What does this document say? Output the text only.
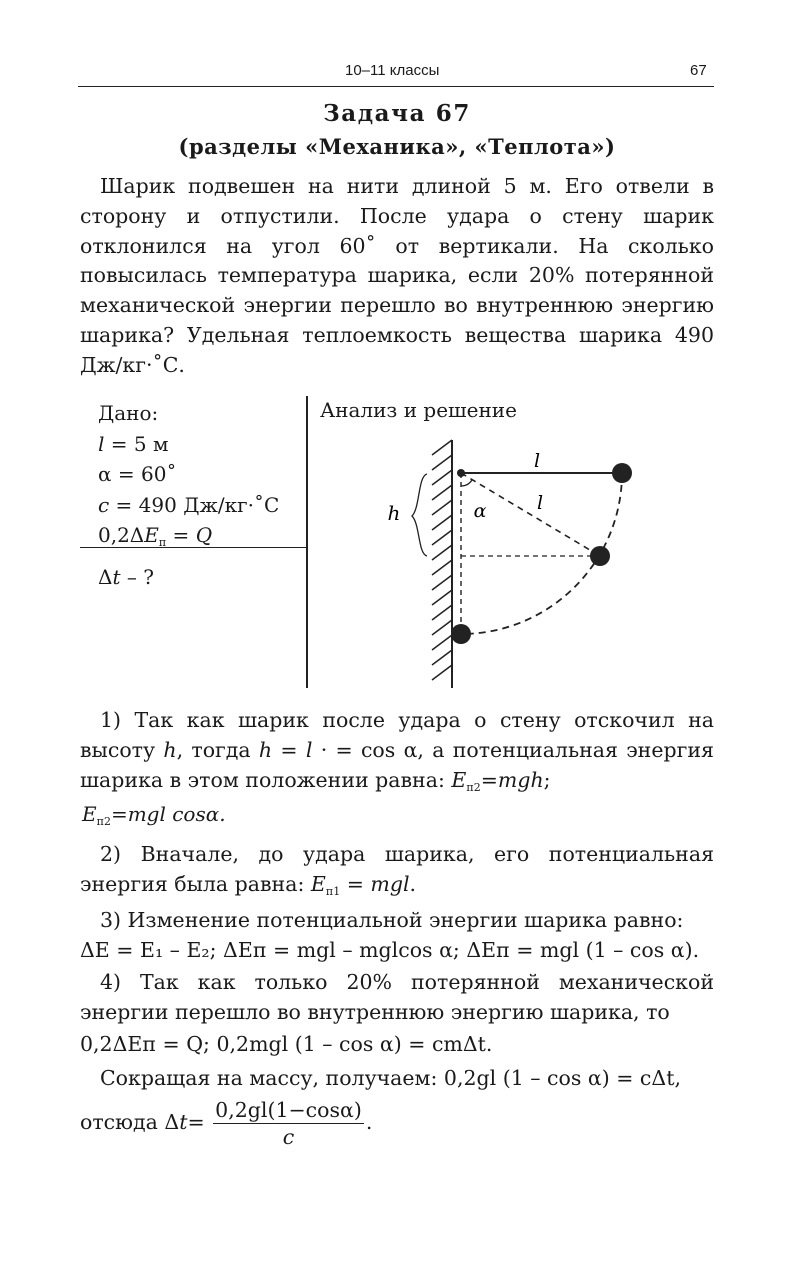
10–11 классы	67
Задача 67
(разделы «Механика», «Теплота»)
Шарик подвешен на нити длиной 5 м. Его отвели в сторону и отпустили. После удара о стену шарик отклонился на угол 60˚ от вертикали. На сколько повысилась температура шарика, если 20% потерянной механической энергии перешло во внутреннюю энергию шарика? Удельная теплоемкость вещества шарика 490 Дж/кг·˚С.
Дано:
l = 5 м
α = 60˚
c = 490 Дж/кг·˚С
$0,2\Delta E_п = Q$
Δt – ?
Анализ и решение
l
l
α
h
1) Так как шарик после удара о стену отскочил на высоту h, тогда h = l · = cos α, а потенциальная энергия шарика в этом положении равна: $E_{п2}=mgh$;
$E_{п2}=mgl$ cosα.
2) Вначале, до удара шарика, его потенциальная энергия была равна: $E_{п1}$ = mgl.
3) Изменение потенциальной энергии шарика равно:
ΔE = E₁ – E₂; ΔEп = mgl – mglcos α; ΔEп = mgl (1 – cos α).
4) Так как только 20% потерянной механической энергии перешло во внутреннюю энергию шарика, то
0,2ΔEп = Q; 0,2mgl (1 – cos α) = cmΔt.
Сокращая на массу, получаем: 0,2gl (1 – cos α) = cΔt,
отсюда $\Delta t= \frac{0,2gl(1-\cos\alpha)}{c}$ .
